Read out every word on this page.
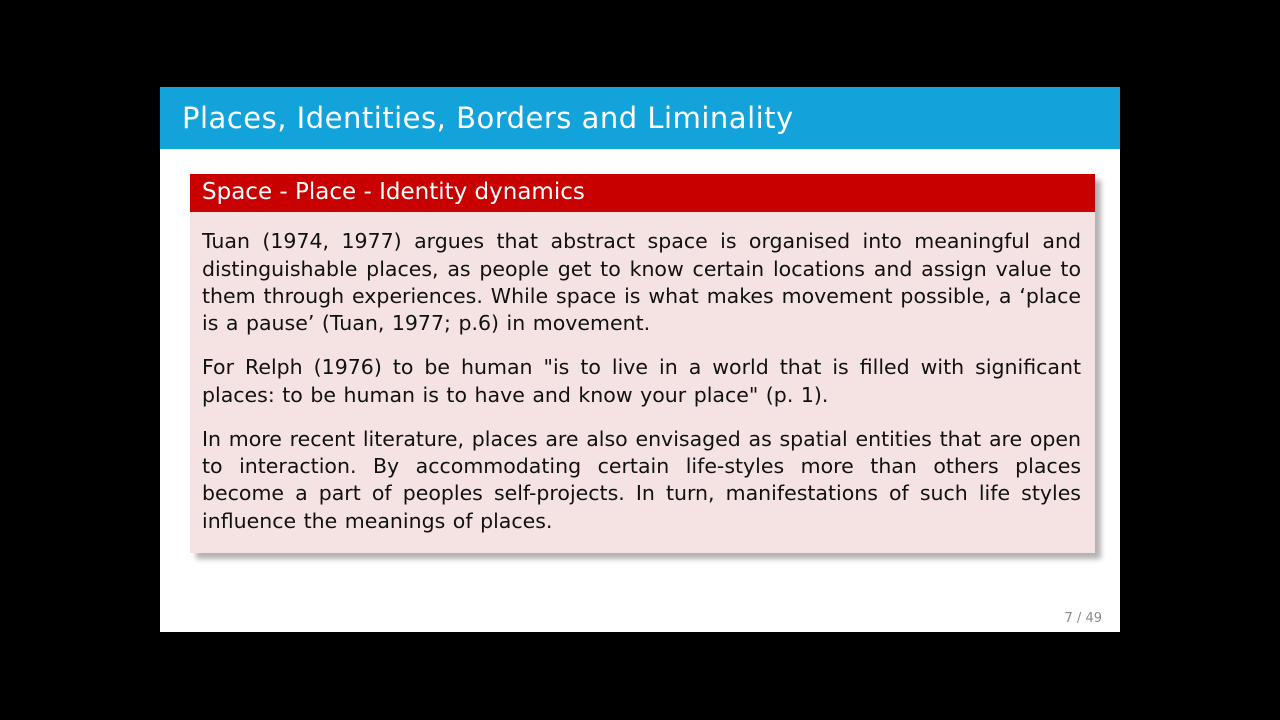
Places, Identities, Borders and Liminality
Space - Place - Identity dynamics

Tuan (1974, 1977) argues that abstract space is organised into meaningful and distinguishable places, as people get to know certain locations and assign value to them through experiences. While space is what makes movement possible, a ‘place is a pause’ (Tuan, 1977; p.6) in movement.

For Relph (1976) to be human "is to live in a world that is filled with significant places: to be human is to have and know your place" (p. 1).

In more recent literature, places are also envisaged as spatial entities that are open to interaction. By accommodating certain life-styles more than others places become a part of peoples self-projects. In turn, manifestations of such life styles influence the meanings of places.

7 / 49
